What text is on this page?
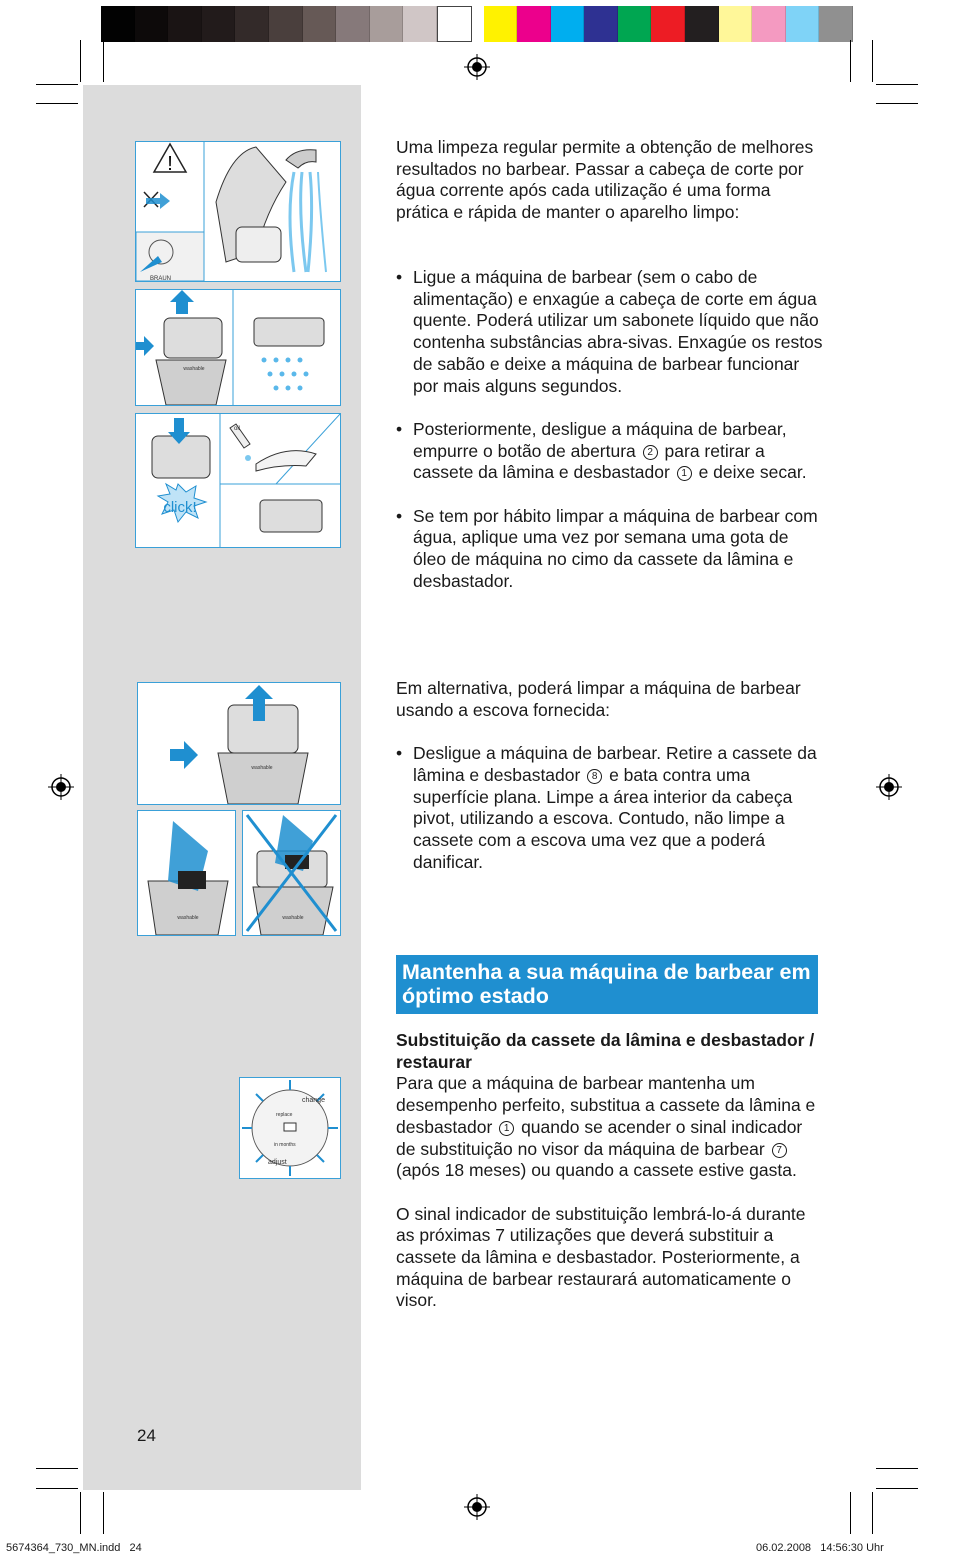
!
BRAUN
washable
click!
oil
washable
washable	washable
change
replace
in months
adjust
Uma limpeza regular permite a obtenção de melhores resultados no barbear. Passar a cabeça de corte por água corrente após cada utilização é uma forma prática e rápida de manter o aparelho limpo:
• Ligue a máquina de barbear (sem o cabo de alimentação) e enxagúe a cabeça de corte em água quente. Poderá utilizar um sabonete líquido que não contenha substâncias abra-sivas. Enxagúe os restos de sabão e deixe a máquina de barbear funcionar por mais alguns segundos.
• Posteriormente, desligue a máquina de barbear, empurre o botão de abertura 2 para retirar a cassete da lâmina e desbastador 1 e deixe secar.
• Se tem por hábito limpar a máquina de barbear com água, aplique uma vez por semana uma gota de óleo de máquina no cimo da cassete da lâmina e desbastador.
Em alternativa, poderá limpar a máquina de barbear usando a escova fornecida:
• Desligue a máquina de barbear. Retire a cassete da lâmina e desbastador 8 e bata contra uma superfície plana. Limpe a área interior da cabeça pivot, utilizando a escova. Contudo, não limpe a cassete com a escova uma vez que a poderá danificar.
Mantenha a sua máquina de barbear em óptimo estado
Substituição da cassete da lâmina e desbastador / restaurar
Para que a máquina de barbear mantenha um desempenho perfeito, substitua a cassete da lâmina e desbastador 1 quando se acender o sinal indicador de substituição no visor da máquina de barbear 7 (após 18 meses) ou quando a cassete estive gasta.
O sinal indicador de substituição lembrá-lo-á durante as próximas 7 utilizações que deverá substituir a cassete da lâmina e desbastador. Posteriormente, a máquina de barbear restaurará automaticamente o visor.
24
5674364_730_MN.indd   24	06.02.2008   14:56:30 Uhr
